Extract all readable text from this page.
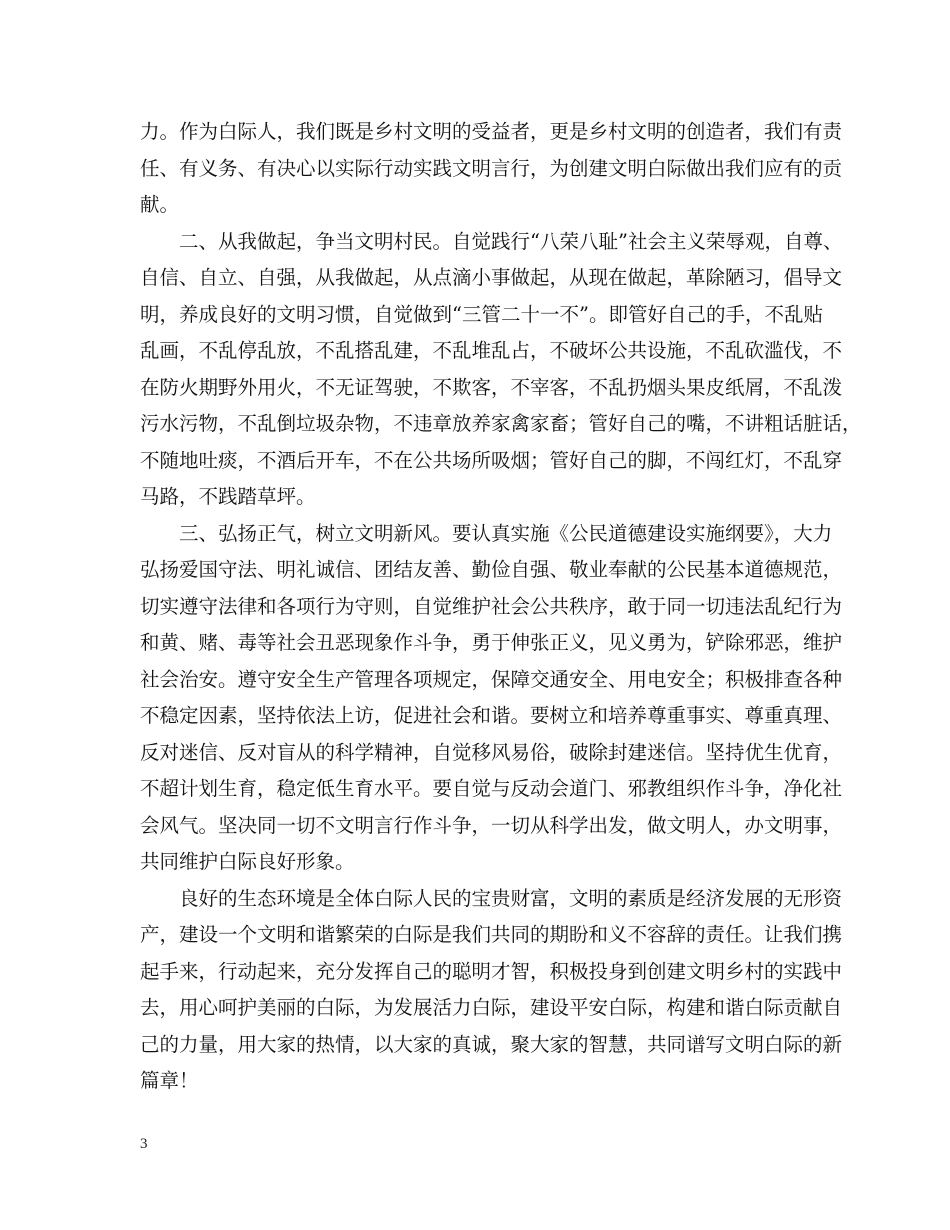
力。作为白际人，我们既是乡村文明的受益者，更是乡村文明的创造者，我们有责
任、有义务、有决心以实际行动实践文明言行，为创建文明白际做出我们应有的贡
献。
二、从我做起，争当文明村民。自觉践行“八荣八耻”社会主义荣辱观，自尊、
自信、自立、自强，从我做起，从点滴小事做起，从现在做起，革除陋习，倡导文
明，养成良好的文明习惯，自觉做到“三管二十一不”。即管好自己的手，不乱贴
乱画，不乱停乱放，不乱搭乱建，不乱堆乱占，不破坏公共设施，不乱砍滥伐，不
在防火期野外用火，不无证驾驶，不欺客，不宰客，不乱扔烟头果皮纸屑，不乱泼
污水污物，不乱倒垃圾杂物，不违章放养家禽家畜；管好自己的嘴，不讲粗话脏话，
不随地吐痰，不酒后开车，不在公共场所吸烟；管好自己的脚，不闯红灯，不乱穿
马路，不践踏草坪。
三、弘扬正气，树立文明新风。要认真实施《公民道德建设实施纲要》，大力
弘扬爱国守法、明礼诚信、团结友善、勤俭自强、敬业奉献的公民基本道德规范，
切实遵守法律和各项行为守则，自觉维护社会公共秩序，敢于同一切违法乱纪行为
和黄、赌、毒等社会丑恶现象作斗争，勇于伸张正义，见义勇为，铲除邪恶，维护
社会治安。遵守安全生产管理各项规定，保障交通安全、用电安全；积极排查各种
不稳定因素，坚持依法上访，促进社会和谐。要树立和培养尊重事实、尊重真理、
反对迷信、反对盲从的科学精神，自觉移风易俗，破除封建迷信。坚持优生优育，
不超计划生育，稳定低生育水平。要自觉与反动会道门、邪教组织作斗争，净化社
会风气。坚决同一切不文明言行作斗争，一切从科学出发，做文明人，办文明事，
共同维护白际良好形象。
良好的生态环境是全体白际人民的宝贵财富，文明的素质是经济发展的无形资
产，建设一个文明和谐繁荣的白际是我们共同的期盼和义不容辞的责任。让我们携
起手来，行动起来，充分发挥自己的聪明才智，积极投身到创建文明乡村的实践中
去，用心呵护美丽的白际，为发展活力白际，建设平安白际，构建和谐白际贡献自
己的力量，用大家的热情，以大家的真诚，聚大家的智慧，共同谱写文明白际的新
篇章！
3
